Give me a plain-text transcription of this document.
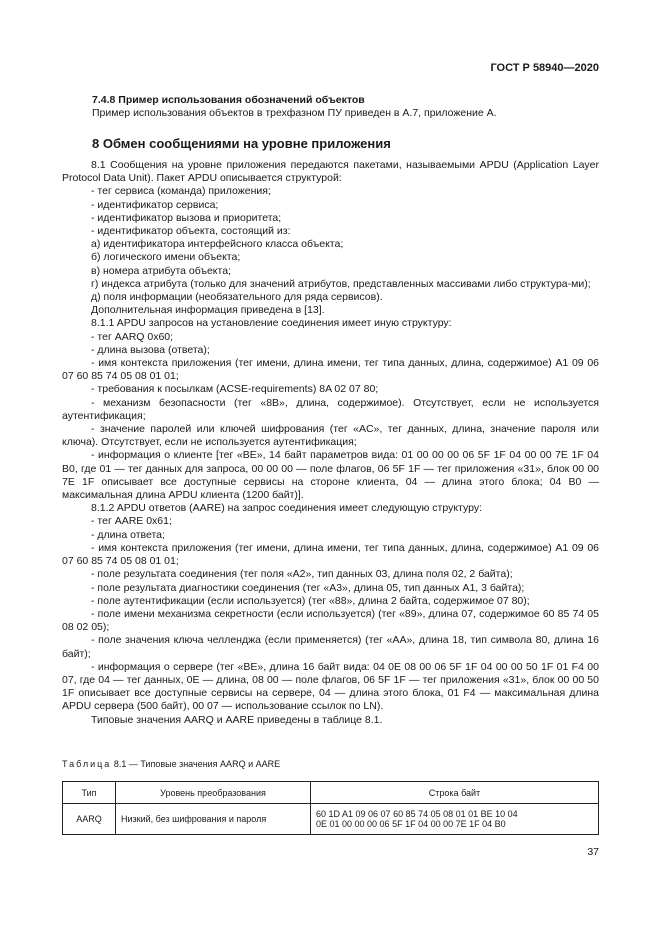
ГОСТ Р 58940—2020
7.4.8 Пример использования обозначений объектов
Пример использования объектов в трехфазном ПУ приведен в А.7, приложение А.
8 Обмен сообщениями на уровне приложения

8.1 Сообщения на уровне приложения передаются пакетами, называемыми APDU (Application Layer Protocol Data Unit). Пакет APDU описывается структурой:

- тег сервиса (команда) приложения;

- идентификатор сервиса;

- идентификатор вызова и приоритета;

- идентификатор объекта, состоящий из:

а) идентификатора интерфейсного класса объекта;

б) логического имени объекта;

в) номера атрибута объекта;

г) индекса атрибута (только для значений атрибутов, представленных массивами либо структура-ми);

д) поля информации (необязательного для ряда сервисов).

Дополнительная информация приведена в [13].

8.1.1 APDU запросов на установление соединения имеет иную структуру:

- тег AARQ 0x60;

- длина вызова (ответа);

- имя контекста приложения (тег имени, длина имени, тег типа данных, длина, содержимое) A1 09 06 07 60 85 74 05 08 01 01;

- требования к посылкам (ACSE-requirements) 8A 02 07 80;

- механизм безопасности (тег «8B», длина, содержимое). Отсутствует, если не используется аутентификация;

- значение паролей или ключей шифрования (тег «AC», тег данных, длина, значение пароля или ключа). Отсутствует, если не используется аутентификация;

- информация о клиенте [тег «BE», 14 байт параметров вида: 01 00 00 00 06 5F 1F 04 00 00 7E 1F 04 B0, где 01 — тег данных для запроса, 00 00 00 — поле флагов, 06 5F 1F — тег приложения «31», блок 00 00 7E 1F описывает все доступные сервисы на стороне клиента, 04 — длина этого блока; 04 B0 — максимальная длина APDU клиента (1200 байт)].

8.1.2 APDU ответов (AARE) на запрос соединения имеет следующую структуру:

- тег AARE 0x61;

- длина ответа;

- имя контекста приложения (тег имени, длина имени, тег типа данных, длина, содержимое) A1 09 06 07 60 85 74 05 08 01 01;

- поле результата соединения (тег поля «A2», тип данных 03, длина поля 02, 2 байта);

- поле результата диагностики соединения (тег «A3», длина 05, тип данных A1, 3 байта);

- поле аутентификации (если используется) (тег «88», длина 2 байта, содержимое 07 80);

- поле имени механизма секретности (если используется) (тег «89», длина 07, содержимое 60 85 74 05 08 02 05);

- поле значения ключа челленджа (если применяется) (тег «AA», длина 18, тип символа 80, длина 16 байт);

- информация о сервере (тег «BE», длина 16 байт вида: 04 0E 08 00 06 5F 1F 04 00 00 50 1F 01 F4 00 07, где 04 — тег данных, 0E — длина, 08 00 — поле флагов, 06 5F 1F — тег приложения «31», блок 00 00 50 1F описывает все доступные сервисы на сервере, 04 — длина этого блока, 01 F4 — максимальная длина APDU сервера (500 байт), 00 07 — использование ссылок по LN).

Типовые значения AARQ и AARE приведены в таблице 8.1.

Таблица 8.1 — Типовые значения AARQ и AARE
Тип	Уровень преобразования	Строка байт
AARQ	Низкий, без шифрования и пароля	60 1D A1 09 06 07 60 85 74 05 08 01 01 BE 10 04
0E 01 00 00 00 06 5F 1F 04 00 00 7E 1F 04 B0
37
